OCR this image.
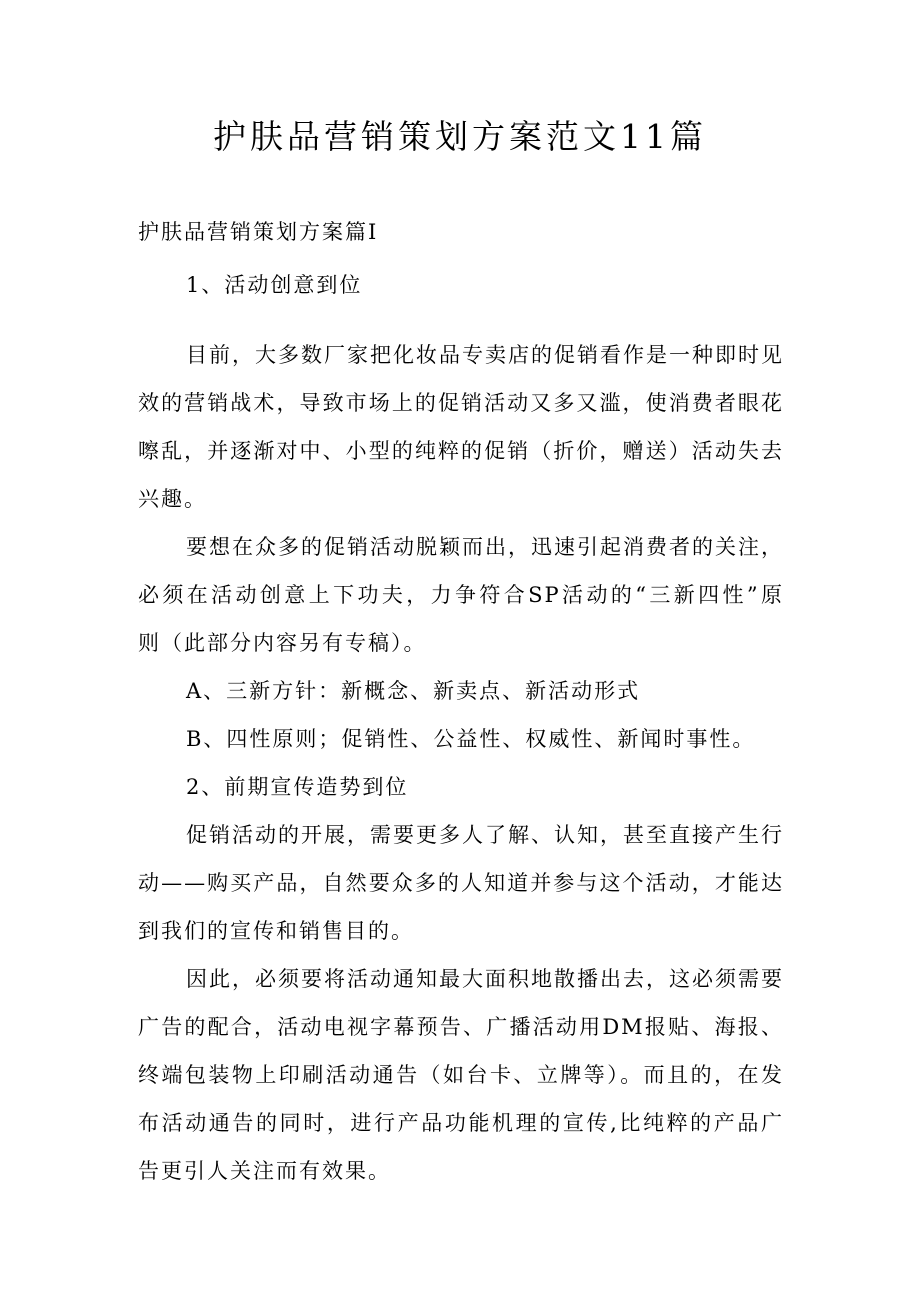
护肤品营销策划方案范文11篇
护肤品营销策划方案篇I

1、活动创意到位

目前，大多数厂家把化妆品专卖店的促销看作是一种即时见

效的营销战术，导致市场上的促销活动又多又滥，使消费者眼花

嚓乱，并逐渐对中、小型的纯粹的促销（折价，赠送）活动失去

兴趣。

要想在众多的促销活动脱颖而出，迅速引起消费者的关注，

必须在活动创意上下功夫，力争符合SP活动的“三新四性”原

则（此部分内容另有专稿）。

A、三新方针：新概念、新卖点、新活动形式

B、四性原则；促销性、公益性、权威性、新闻时事性。

2、前期宣传造势到位

促销活动的开展，需要更多人了解、认知，甚至直接产生行

动——购买产品，自然要众多的人知道并参与这个活动，才能达

到我们的宣传和销售目的。

因此，必须要将活动通知最大面积地散播出去，这必须需要

广告的配合，活动电视字幕预告、广播活动用DM报贴、海报、

终端包装物上印刷活动通告（如台卡、立牌等）。而且的，在发

布活动通告的同时，进行产品功能机理的宣传,比纯粹的产品广

告更引人关注而有效果。
